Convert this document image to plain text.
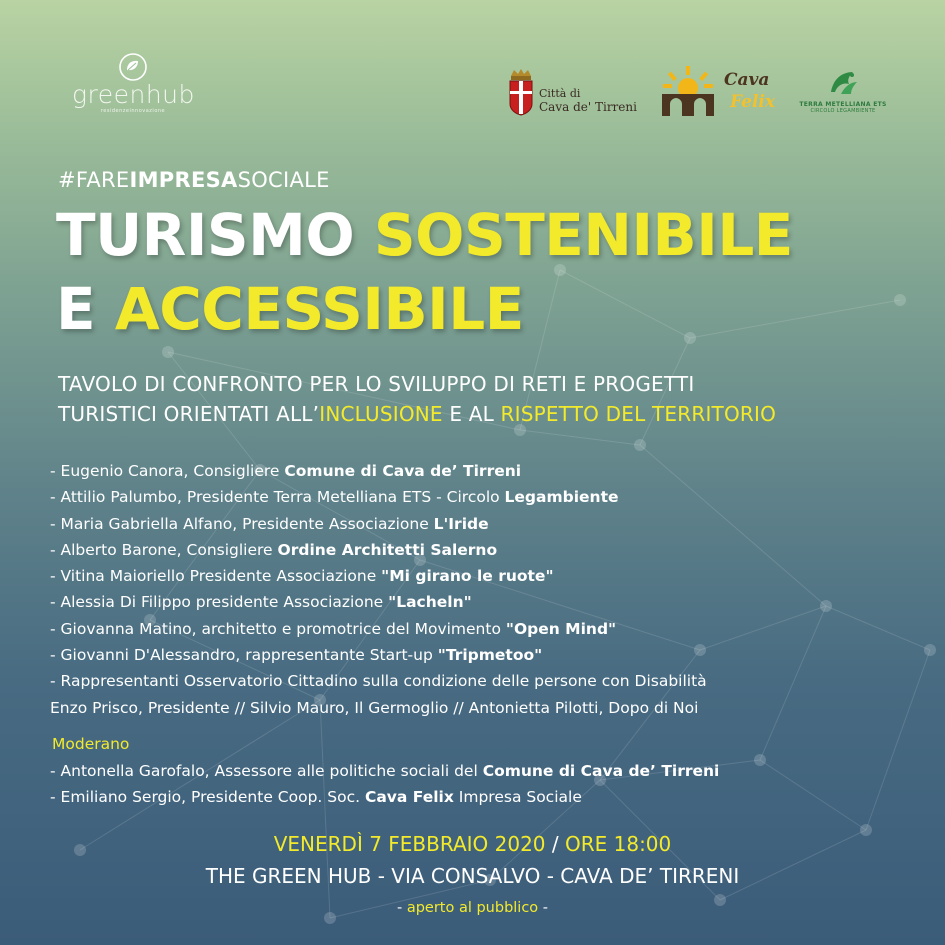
greenhub
residenzeinnovazione
Città di
Cava de' Tirreni
Cava
Felix	TERRA METELLIANA ETS
CIRCOLO LEGAMBIENTE
#FAREIMPRESASOCIALE
TURISMO SOSTENIBILE
E ACCESSIBILE
TAVOLO DI CONFRONTO PER LO SVILUPPO DI RETI E PROGETTI
TURISTICI ORIENTATI ALL’INCLUSIONE E AL RISPETTO DEL TERRITORIO
- Eugenio Canora, Consigliere Comune di Cava de’ Tirreni
- Attilio Palumbo, Presidente Terra Metelliana ETS - Circolo Legambiente
- Maria Gabriella Alfano, Presidente Associazione L'Iride
- Alberto Barone, Consigliere Ordine Architetti Salerno
- Vitina Maioriello Presidente Associazione "Mi girano le ruote"
- Alessia Di Filippo presidente Associazione "Lacheln"
- Giovanna Matino, architetto e promotrice del Movimento "Open Mind"
- Giovanni D'Alessandro, rappresentante Start-up "Tripmetoo"
- Rappresentanti Osservatorio Cittadino sulla condizione delle persone con Disabilità
Enzo Prisco, Presidente // Silvio Mauro, Il Germoglio // Antonietta Pilotti, Dopo di Noi
Moderano
- Antonella Garofalo, Assessore alle politiche sociali del Comune di Cava de’ Tirreni
- Emiliano Sergio, Presidente Coop. Soc. Cava Felix Impresa Sociale
VENERDÌ 7 FEBBRAIO 2020 / ORE 18:00
THE GREEN HUB - VIA CONSALVO - CAVA DE’ TIRRENI
- aperto al pubblico -
